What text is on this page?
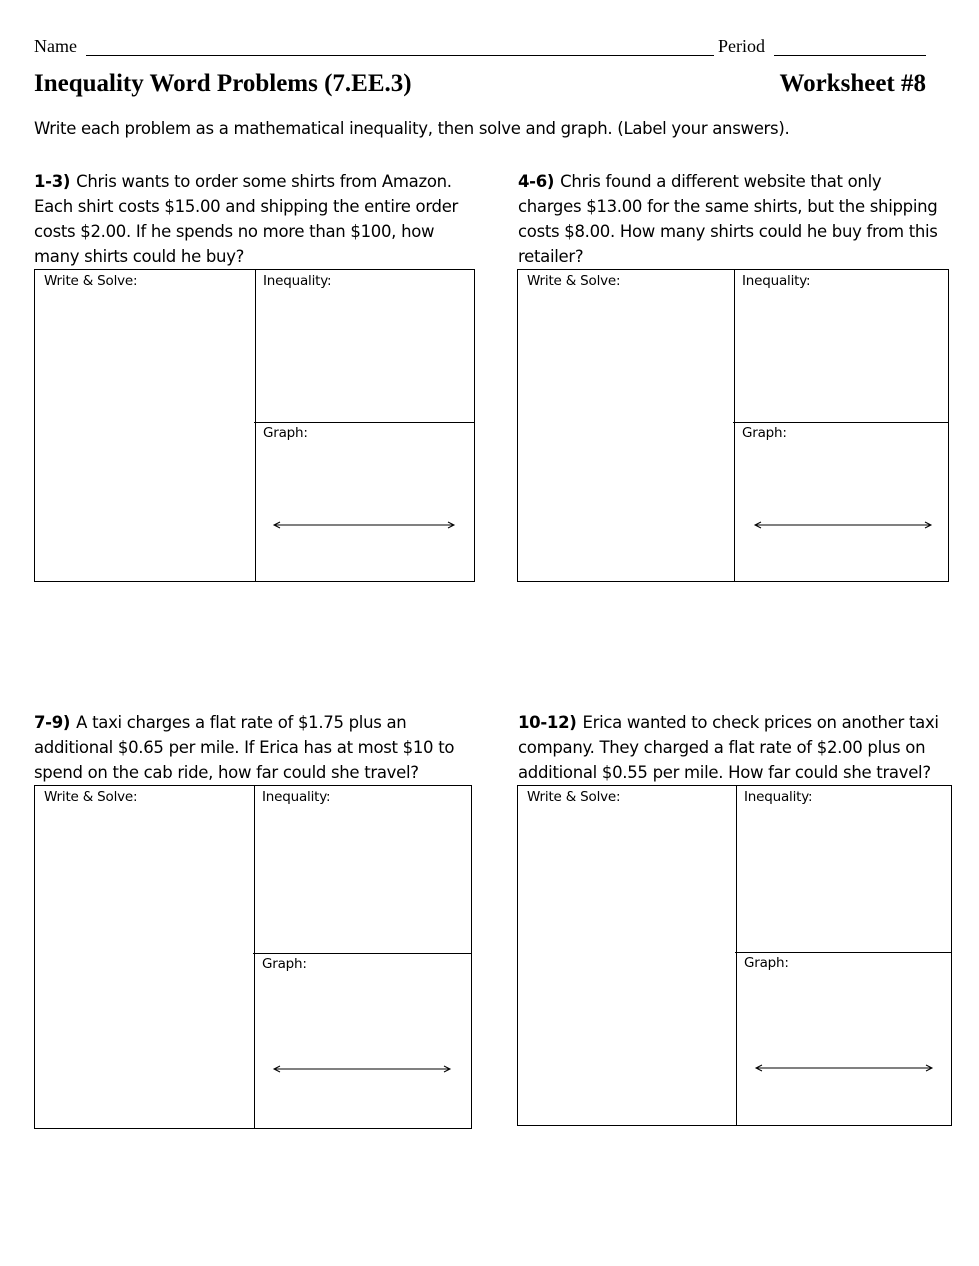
Name	Period
Inequality Word Problems (7.EE.3)	Worksheet #8
Write each problem as a mathematical inequality, then solve and graph. (Label your answers).
1-3) Chris wants to order some shirts from Amazon.
Each shirt costs $15.00 and shipping the entire order
costs $2.00. If he spends no more than $100, how
many shirts could he buy?
Write & Solve:	Inequality:
Graph:
4-6) Chris found a different website that only
charges $13.00 for the same shirts, but the shipping
costs $8.00. How many shirts could he buy from this
retailer?
Write & Solve:	Inequality:
Graph:
7-9) A taxi charges a flat rate of $1.75 plus an
additional $0.65 per mile. If Erica has at most $10 to
spend on the cab ride, how far could she travel?
Write & Solve:	Inequality:
Graph:
10-12) Erica wanted to check prices on another taxi
company. They charged a flat rate of $2.00 plus on
additional $0.55 per mile. How far could she travel?
Write & Solve:	Inequality:
Graph:
